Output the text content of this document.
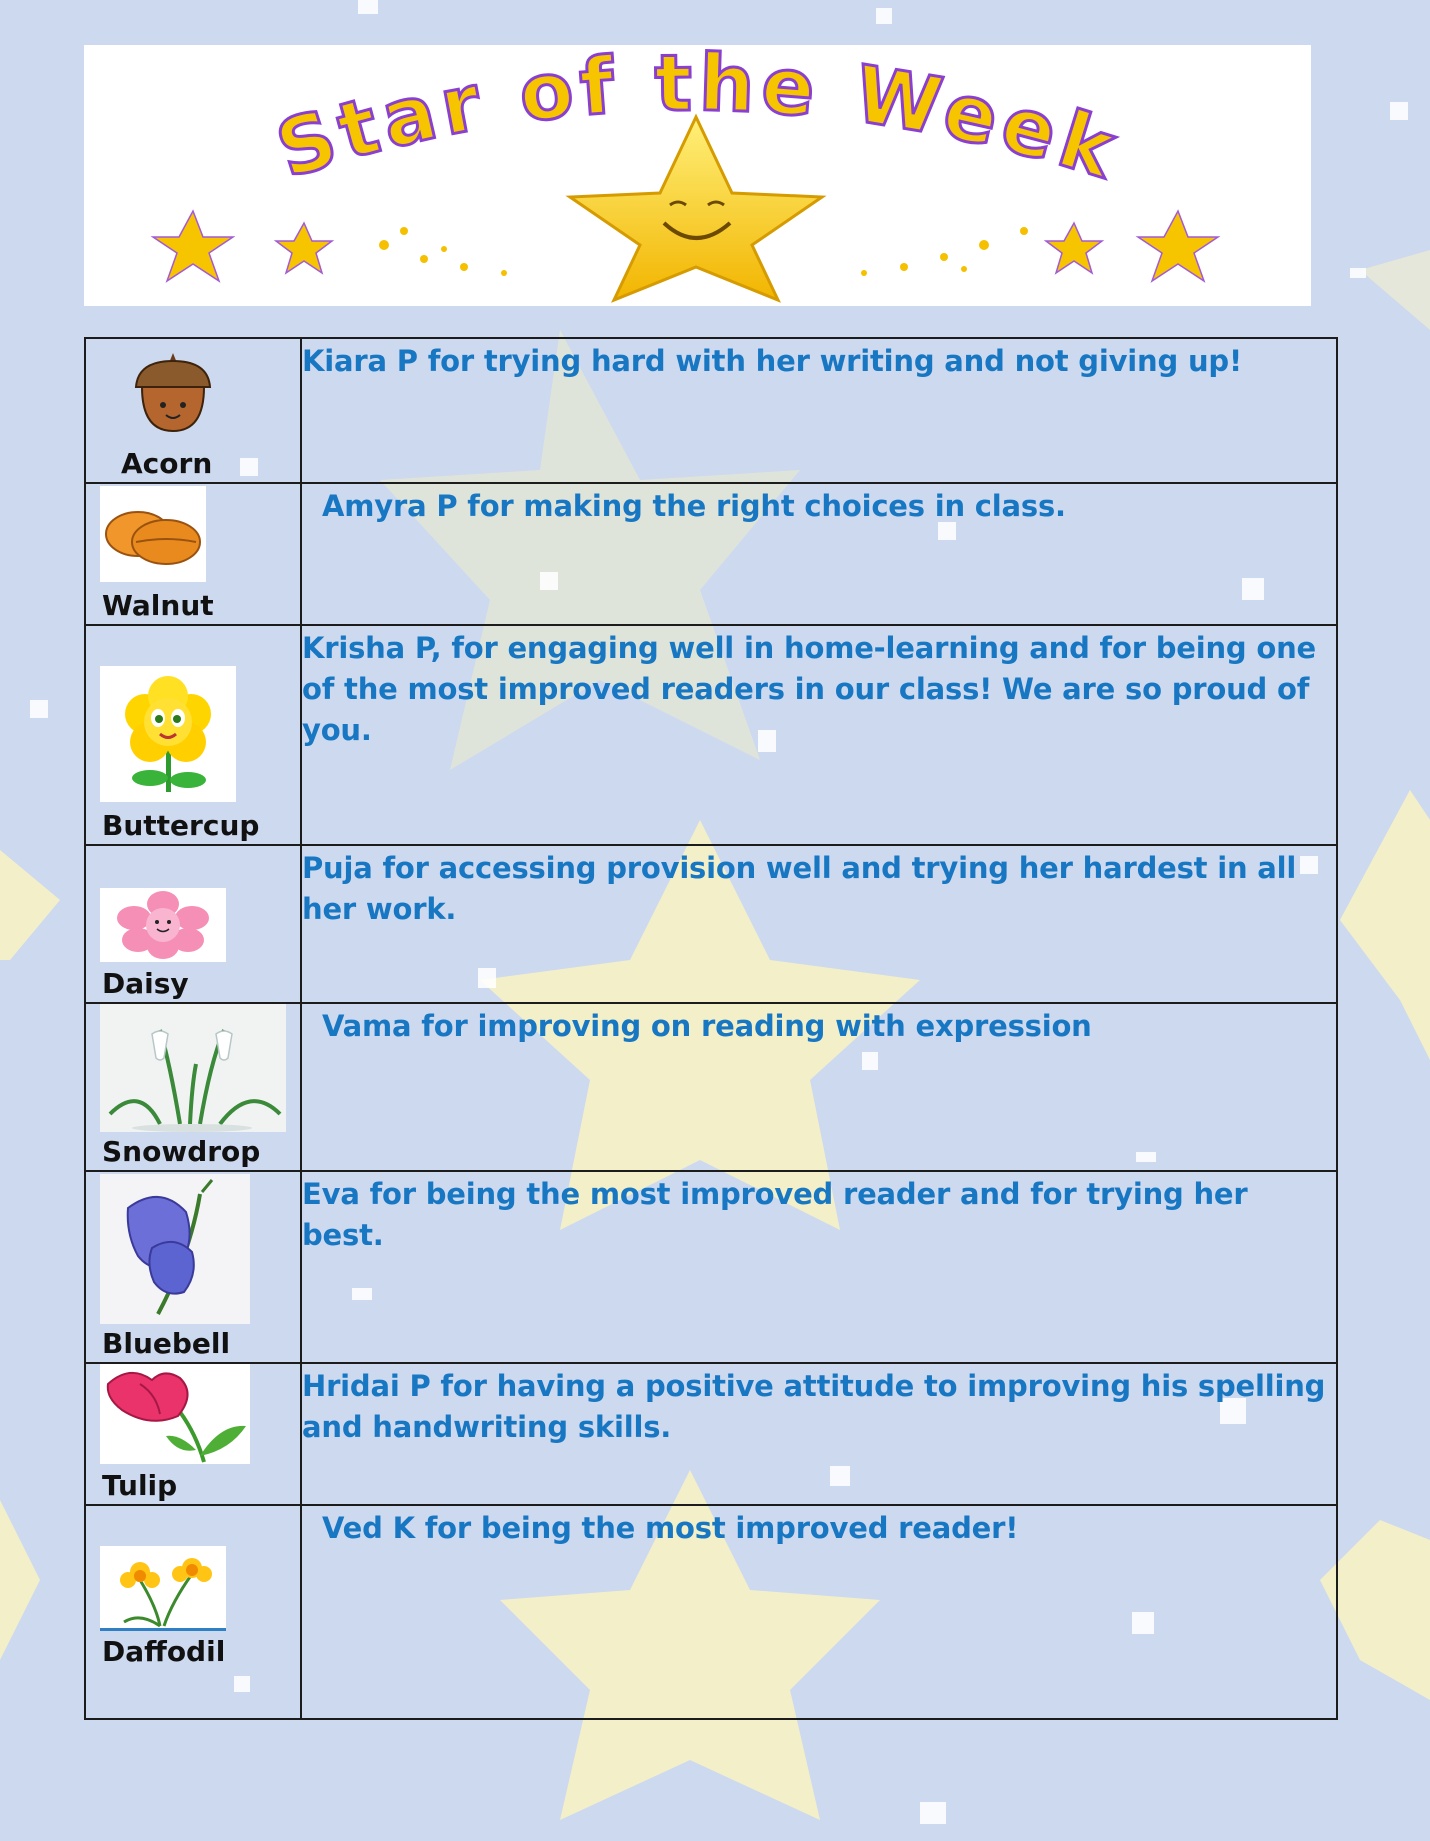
Star of the Week
Acorn	Kiara P for trying hard with her writing and not giving up!

Walnut	Amyra P for making the right choices in class.

Buttercup	Krisha P, for engaging well in home-learning and for being one of the most improved readers in our class! We are so proud of you.

Daisy	Puja for accessing provision well and trying her hardest in all her work.

Snowdrop	Vama for improving on reading with expression

Bluebell	Eva for being the most improved reader and for trying her best.

Tulip	Hridai P for having a positive attitude to improving his spelling and handwriting skills.

Daffodil	Ved K for being the most improved reader!
